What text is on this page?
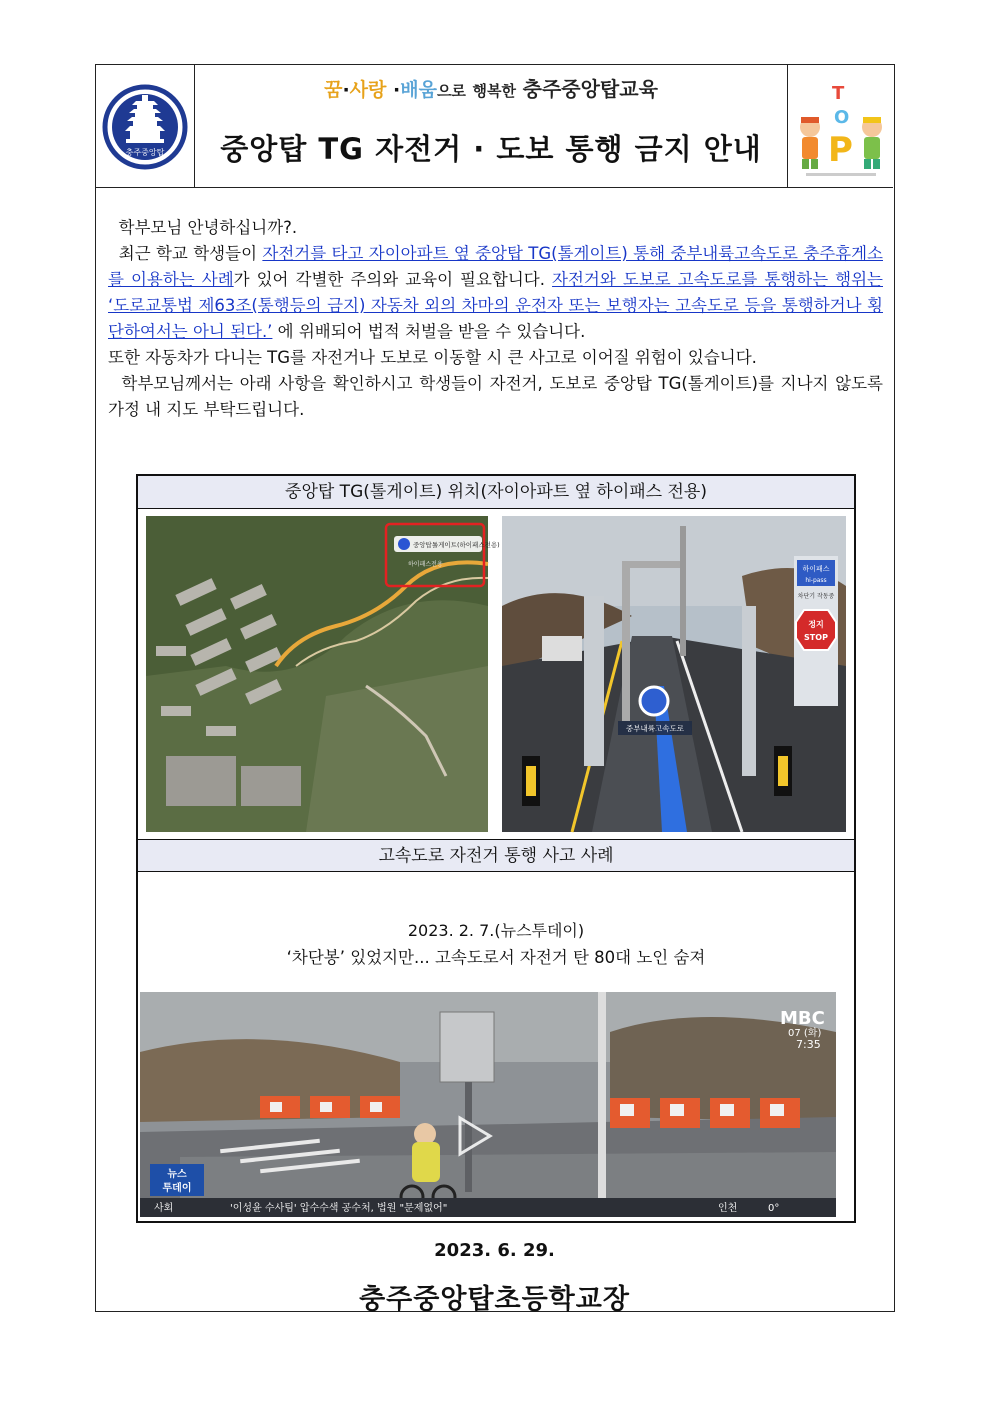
충주중앙탑
꿈·사랑 ·배움으로 행복한 충주중앙탑교육
중앙탑 TG 자전거 · 도보 통행 금지 안내
T
O
P

학부모님 안녕하십니까?.

최근 학교 학생들이 자전거를 타고 자이아파트 옆 중앙탑 TG(톨게이트) 통해 중부내륙고속도로 충주휴게소를 이용하는 사례가 있어 각별한 주의와 교육이 필요합니다. 자전거와 도보로 고속도로를 통행하는 행위는 ‘도로교통법 제63조(통행등의 금지) 자동차 외의 차마의 운전자 또는 보행자는 고속도로 등을 통행하거나 횡단하여서는 아니 된다.’ 에 위배되어 법적 처벌을 받을 수 있습니다.

또한 자동차가 다니는 TG를 자전거나 도보로 이동할 시 큰 사고로 이어질 위험이 있습니다.

학부모님께서는 아래 사항을 확인하시고 학생들이 자전거, 도보로 중앙탑 TG(톨게이트)를 지나지 않도록 가정 내 지도 부탁드립니다.

중앙탑 TG(톨게이트) 위치(자이아파트 옆 하이패스 전용)
중앙탑톨게이트(하이패스전용)
하이패스전용
중부내륙고속도로
하이패스
hi-pass
차단기 작동중
정지
STOP
고속도로 자전거 통행 사고 사례
2023. 2. 7.(뉴스투데이)
‘차단봉’ 있었지만... 고속도로서 자전거 탄 80대 노인 숨져
MBC
07 (화)
7:35
뉴스
투데이
사회	'이성윤 수사팀' 압수수색 공수처, 법원 "문제없어"	인천	0°
2023. 6. 29.
충주중앙탑초등학교장
